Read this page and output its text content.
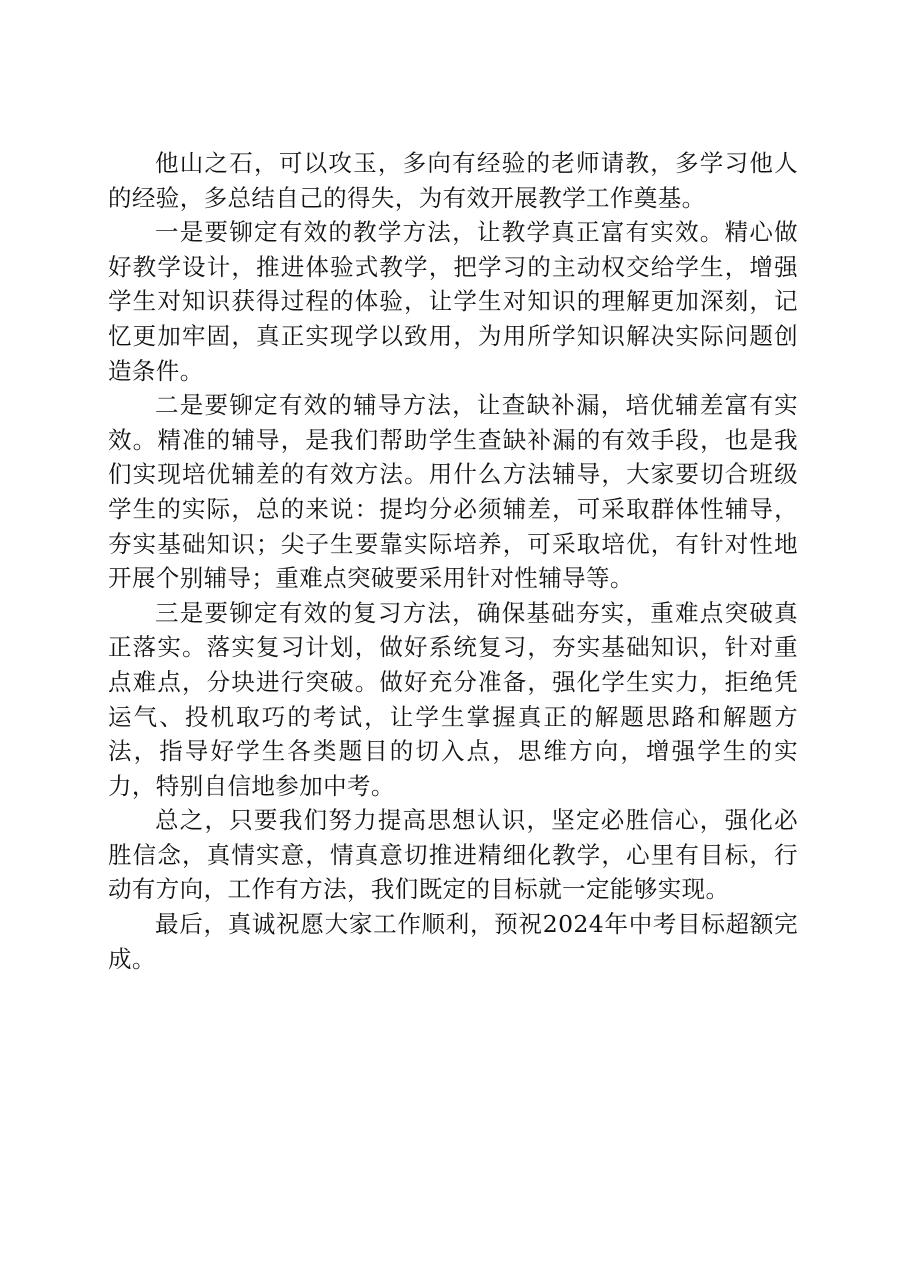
他山之石，可以攻玉，多向有经验的老师请教，多学习他人的经验，多总结自己的得失，为有效开展教学工作奠基。

一是要铆定有效的教学方法，让教学真正富有实效。精心做好教学设计，推进体验式教学，把学习的主动权交给学生，增强学生对知识获得过程的体验，让学生对知识的理解更加深刻，记忆更加牢固，真正实现学以致用，为用所学知识解决实际问题创造条件。

二是要铆定有效的辅导方法，让查缺补漏，培优辅差富有实效。精准的辅导，是我们帮助学生查缺补漏的有效手段，也是我们实现培优辅差的有效方法。用什么方法辅导，大家要切合班级学生的实际，总的来说：提均分必须辅差，可采取群体性辅导，夯实基础知识；尖子生要靠实际培养，可采取培优，有针对性地开展个别辅导；重难点突破要采用针对性辅导等。

三是要铆定有效的复习方法，确保基础夯实，重难点突破真正落实。落实复习计划，做好系统复习，夯实基础知识，针对重点难点，分块进行突破。做好充分准备，强化学生实力，拒绝凭运气、投机取巧的考试，让学生掌握真正的解题思路和解题方法，指导好学生各类题目的切入点，思维方向，增强学生的实力，特别自信地参加中考。

总之，只要我们努力提高思想认识，坚定必胜信心，强化必胜信念，真情实意，情真意切推进精细化教学，心里有目标，行动有方向，工作有方法，我们既定的目标就一定能够实现。

最后，真诚祝愿大家工作顺利，预祝2024年中考目标超额完成。
